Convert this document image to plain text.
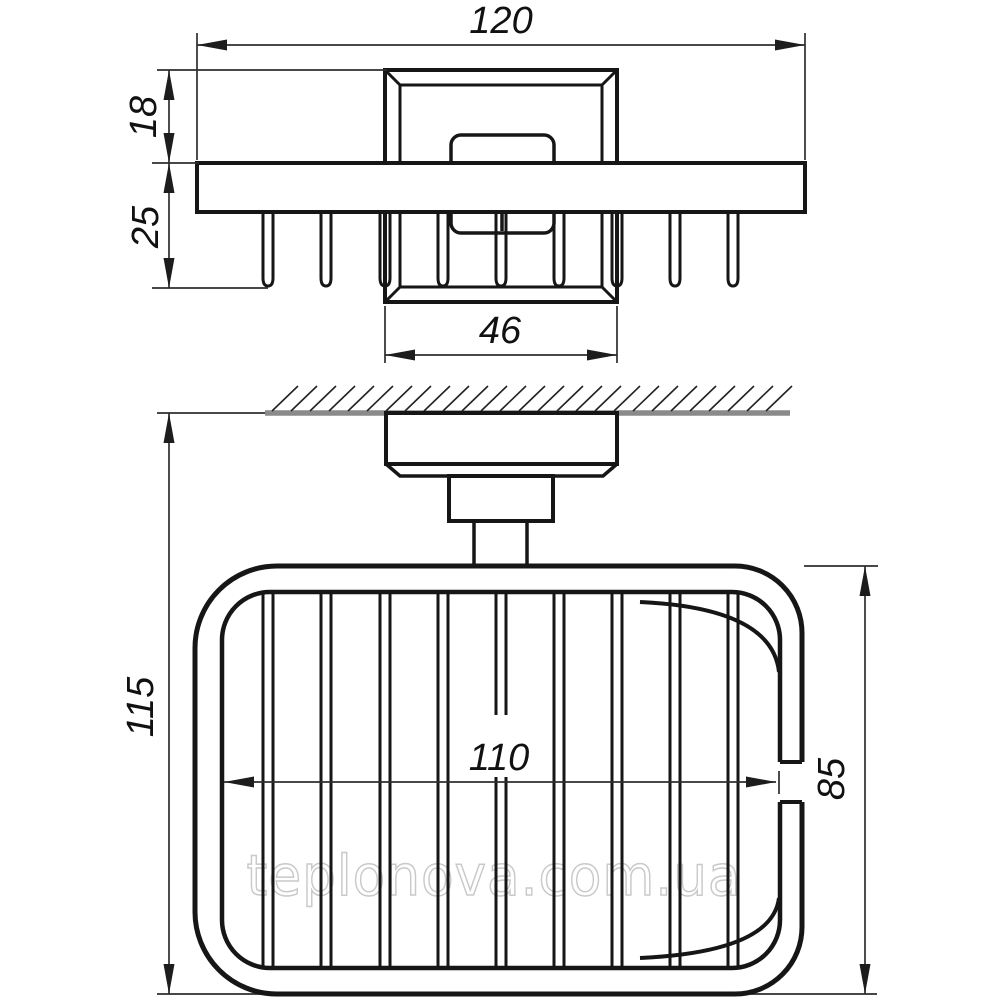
120
18
25
46
115
teplonova.com.ua
110	85
